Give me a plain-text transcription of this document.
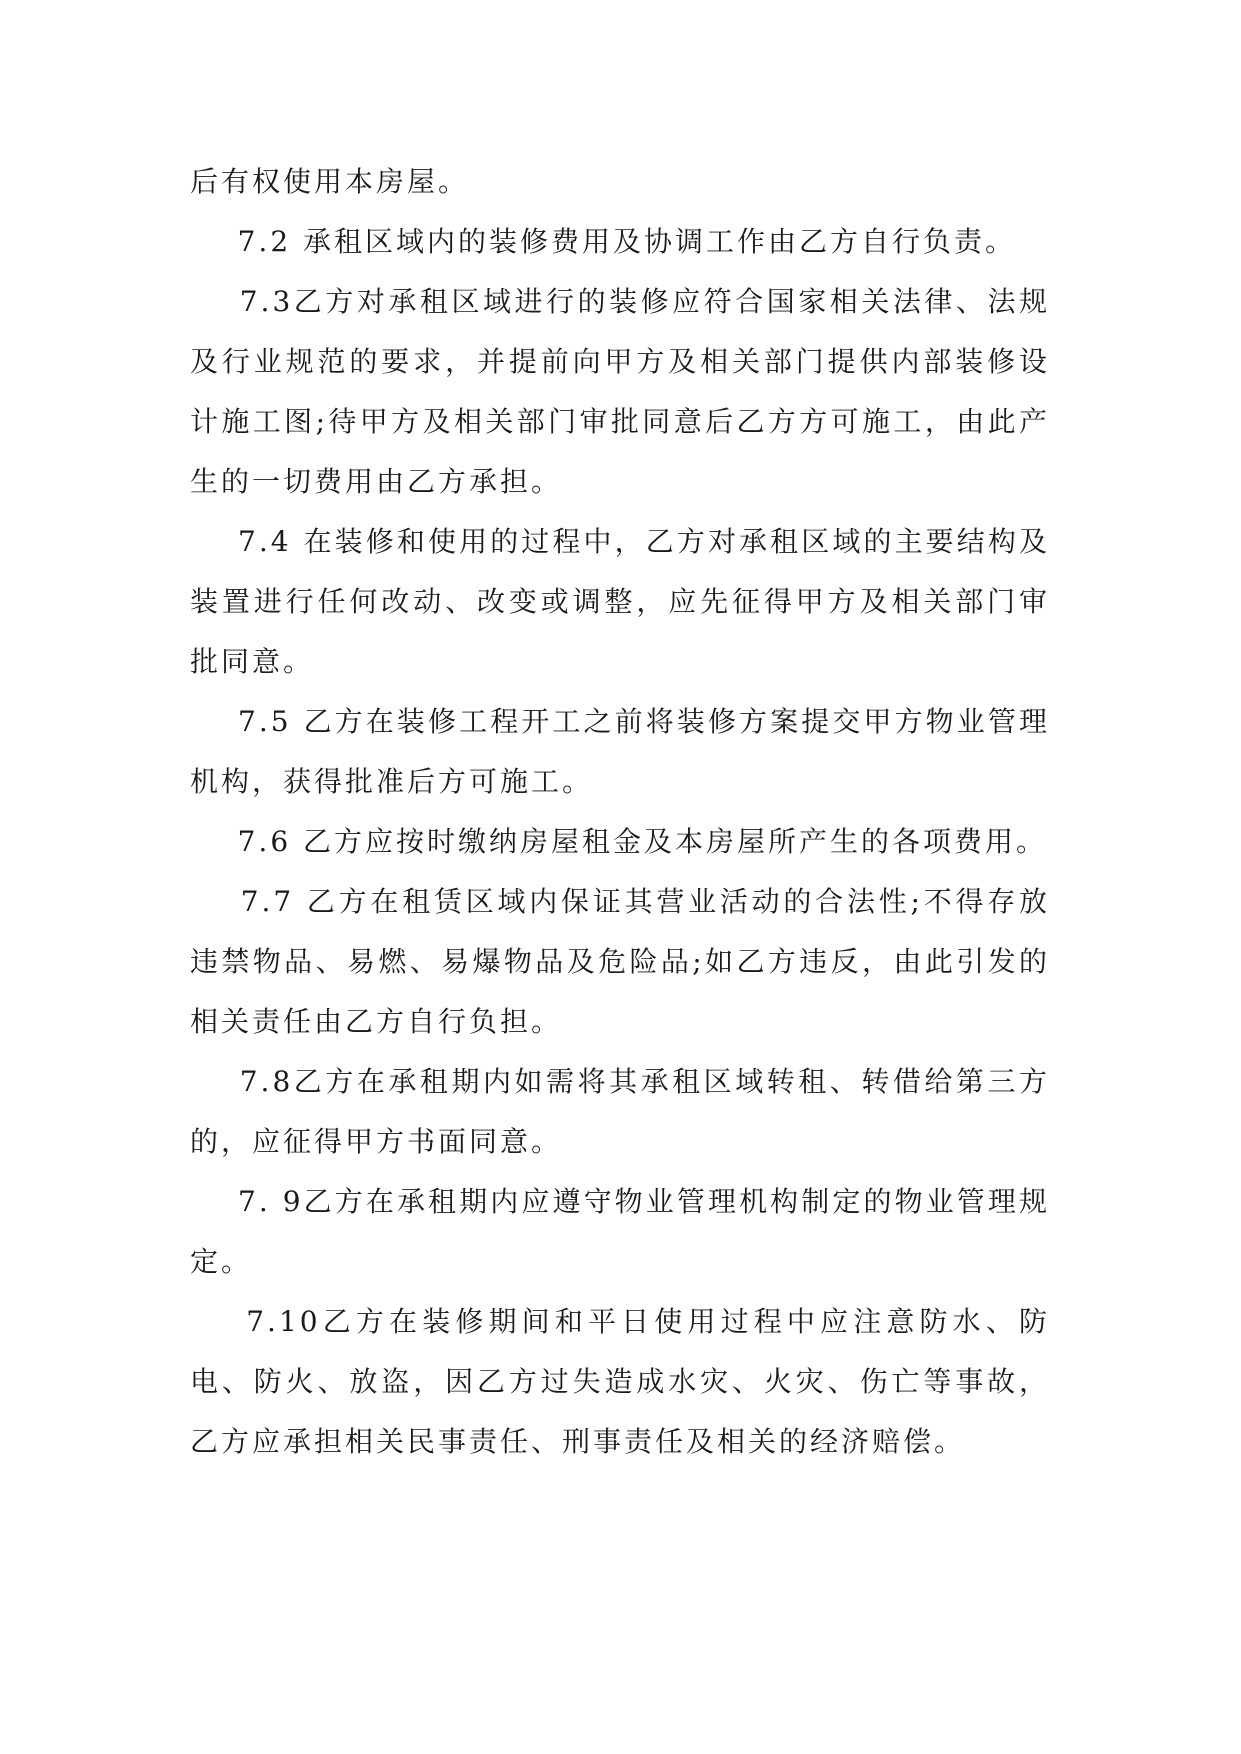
后有权使用本房屋。

7.2 承租区域内的装修费用及协调工作由乙方自行负责。

7.3乙方对承租区域进行的装修应符合国家相关法律、法规及行业规范的要求，并提前向甲方及相关部门提供内部装修设计施工图;待甲方及相关部门审批同意后乙方方可施工，由此产生的一切费用由乙方承担。

7.4 在装修和使用的过程中，乙方对承租区域的主要结构及装置进行任何改动、改变或调整，应先征得甲方及相关部门审批同意。

7.5 乙方在装修工程开工之前将装修方案提交甲方物业管理机构，获得批准后方可施工。

7.6 乙方应按时缴纳房屋租金及本房屋所产生的各项费用。

7.7 乙方在租赁区域内保证其营业活动的合法性;不得存放违禁物品、易燃、易爆物品及危险品;如乙方违反，由此引发的相关责任由乙方自行负担。

7.8乙方在承租期内如需将其承租区域转租、转借给第三方的，应征得甲方书面同意。

7. 9乙方在承租期内应遵守物业管理机构制定的物业管理规定。

7.10乙方在装修期间和平日使用过程中应注意防水、防电、防火、放盗，因乙方过失造成水灾、火灾、伤亡等事故，乙方应承担相关民事责任、刑事责任及相关的经济赔偿。
